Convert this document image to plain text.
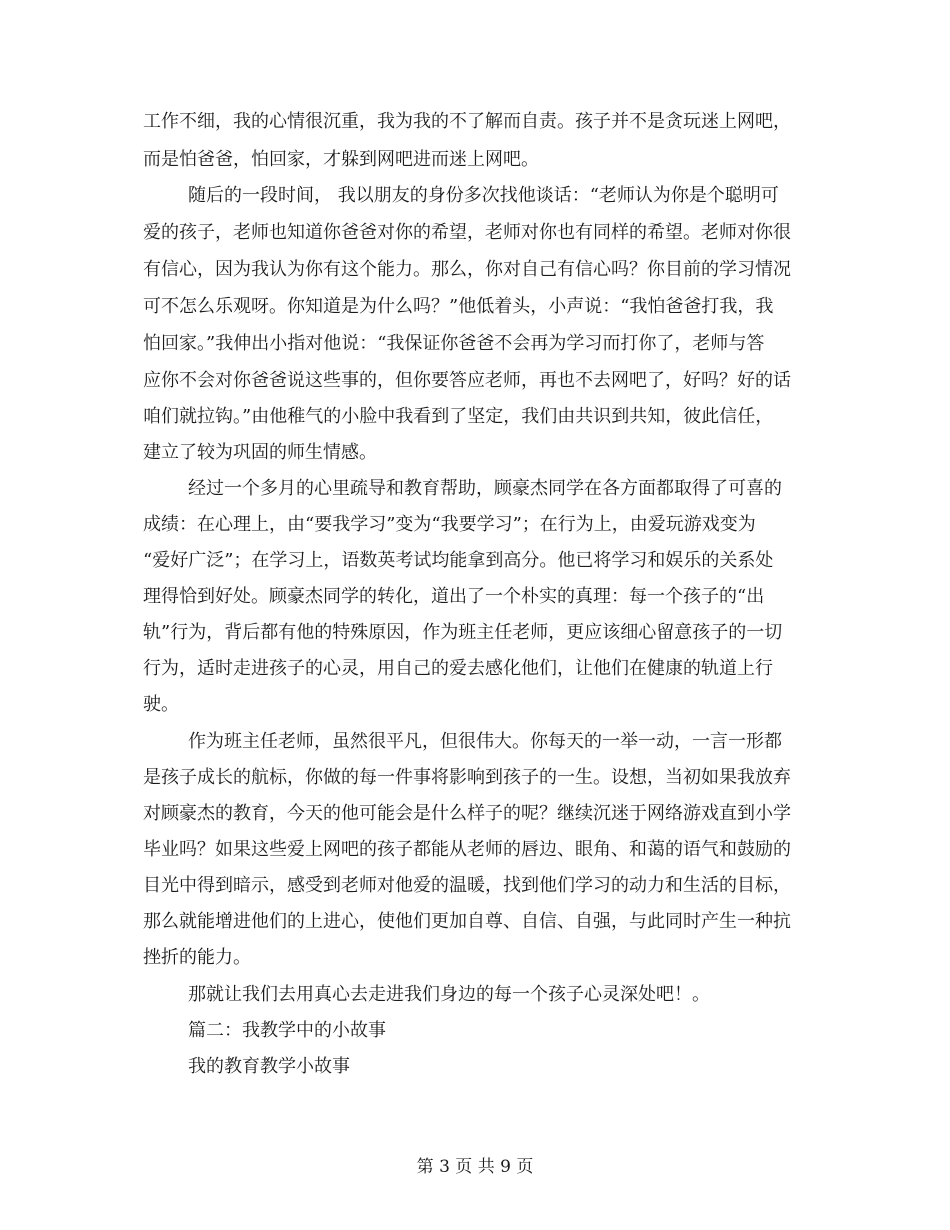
工作不细，我的心情很沉重，我为我的不了解而自责。孩子并不是贪玩迷上网吧，
而是怕爸爸，怕回家，才躲到网吧进而迷上网吧。
随后的一段时间， 我以朋友的身份多次找他谈话：“老师认为你是个聪明可
爱的孩子，老师也知道你爸爸对你的希望，老师对你也有同样的希望。老师对你很
有信心，因为我认为你有这个能力。那么，你对自己有信心吗？你目前的学习情况
可不怎么乐观呀。你知道是为什么吗？”他低着头，小声说：“我怕爸爸打我，我
怕回家。”我伸出小指对他说：“我保证你爸爸不会再为学习而打你了，老师与答
应你不会对你爸爸说这些事的，但你要答应老师，再也不去网吧了，好吗？好的话
咱们就拉钩。”由他稚气的小脸中我看到了坚定，我们由共识到共知，彼此信任，
建立了较为巩固的师生情感。
经过一个多月的心里疏导和教育帮助，顾豪杰同学在各方面都取得了可喜的
成绩：在心理上，由“要我学习”变为“我要学习”；在行为上，由爱玩游戏变为
“爱好广泛”；在学习上，语数英考试均能拿到高分。他已将学习和娱乐的关系处
理得恰到好处。顾豪杰同学的转化，道出了一个朴实的真理：每一个孩子的“出
轨”行为，背后都有他的特殊原因，作为班主任老师，更应该细心留意孩子的一切
行为，适时走进孩子的心灵，用自己的爱去感化他们，让他们在健康的轨道上行
驶。
作为班主任老师，虽然很平凡，但很伟大。你每天的一举一动，一言一形都
是孩子成长的航标，你做的每一件事将影响到孩子的一生。设想，当初如果我放弃
对顾豪杰的教育，今天的他可能会是什么样子的呢？继续沉迷于网络游戏直到小学
毕业吗？如果这些爱上网吧的孩子都能从老师的唇边、眼角、和蔼的语气和鼓励的
目光中得到暗示，感受到老师对他爱的温暖，找到他们学习的动力和生活的目标，
那么就能增进他们的上进心，使他们更加自尊、自信、自强，与此同时产生一种抗
挫折的能力。
那就让我们去用真心去走进我们身边的每一个孩子心灵深处吧！。
篇二：我教学中的小故事
我的教育教学小故事
第 3 页 共 9 页
